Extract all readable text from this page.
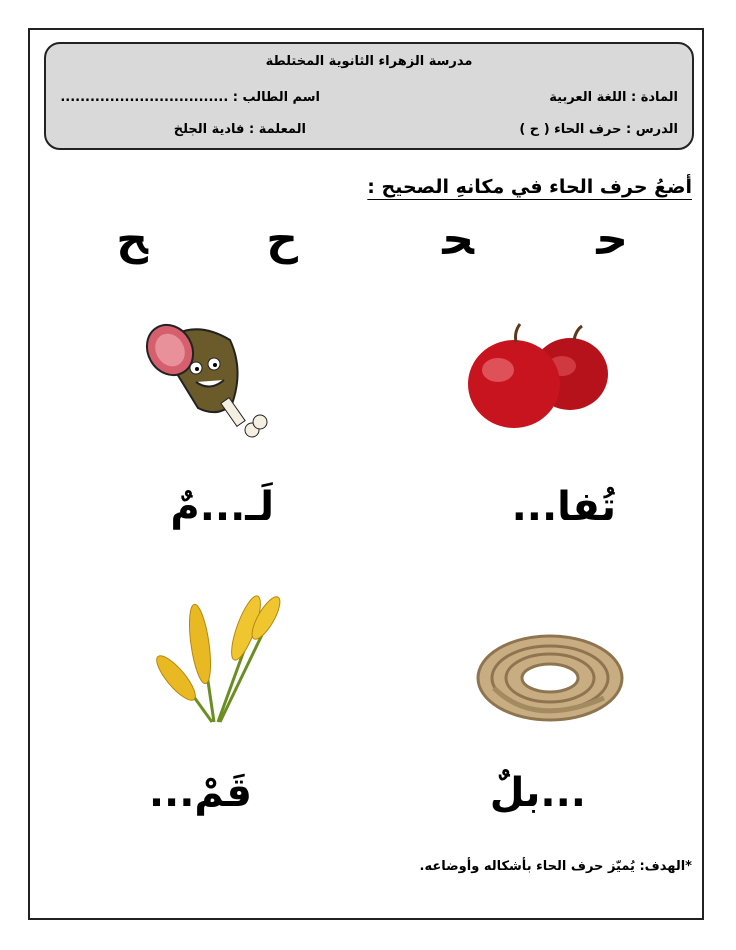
مدرسة الزهراء الثانوية المختلطة
المادة : اللغة العربية
اسم الطالب : ..................................
الدرس : حرف الحاء ( ح )
المعلمة : فادية الجلخ
أضعُ حرف الحاء في مكانهِ الصحيح :
ﺣ
ﺤ
ح
ﺢ
تُفا...
لَـ...مٌ
...بلٌ
قَمْ...
*الهدف: يُميّز حرف الحاء بأشكاله وأوضاعه.
